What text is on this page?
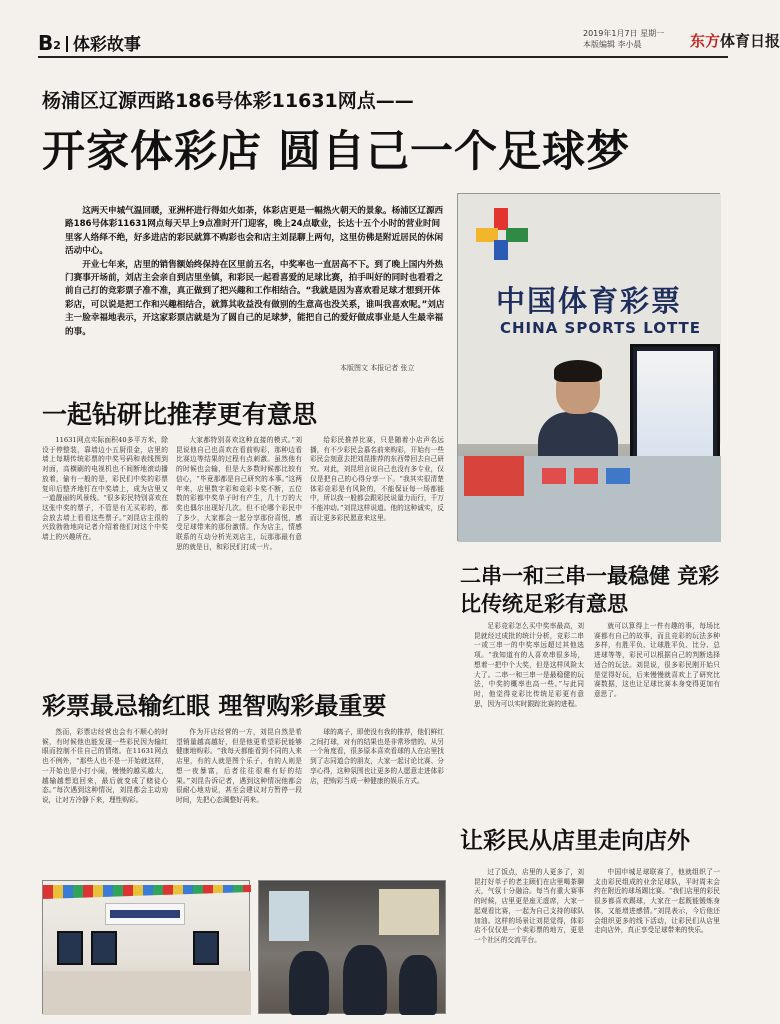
B2 体彩故事
2019年1月7日 星期一
本版编辑 李小晨	东方体育日报
杨浦区辽源西路186号体彩11631网点——
开家体彩店 圆自己一个足球梦

这两天申城气温回暖，亚洲杯进行得如火如荼，体彩店更是一幅热火朝天的景象。杨浦区辽源西路186号体彩11631网点每天早上9点准时开门迎客，晚上24点歇业，长达十五个小时的营业时间里客人络绎不绝，好多进店的彩民就算不购彩也会和店主刘昆聊上两句，这里仿佛是附近居民的休闲活动中心。

开业七年来，店里的销售额始终保持在区里前五名，中奖率也一直居高不下。到了晚上国内外热门赛事开场前，刘店主会亲自到店里坐镇，和彩民一起看喜爱的足球比赛，拍手叫好的同时也看看之前自己打的竞彩票子准不准，真正做到了把兴趣和工作相结合。“我就是因为喜欢看足球才想到开体彩店，可以说是把工作和兴趣相结合，就算其收益没有做别的生意高也没关系，谁叫我喜欢呢。”刘店主一脸幸福地表示，开这家彩票店就是为了圆自己的足球梦，能把自己的爱好做成事业是人生最幸福的事。

本版图文 本报记者 张立
中国体育彩票
CHINA SPORTS LOTTE
一起钻研比推荐更有意思
二串一和三串一最稳健 竞彩比传统足彩有意思
彩票最忌输红眼 理智购彩最重要
让彩民从店里走向店外

11631网点实际面积40多平方米，除设于停整装，靠墙边小五厨很金，店里的墙上每期传统彩票的中奖号码和表线图到对面，高横刷的电视机也不间断地滚动播放着，偷有一般的是，彩民们中奖的彩票复印后整齐地钉在中奖墙上，成为店里又一道靓丽的风景线。“很多彩民特别喜欢在这张中奖的票子，不管是有无买彩的，都会放去墙上看看这些票子。”刘昆店主很的兴致勃勃地向记者介绍着他们对这个中奖墙上的兴趣所在。

大家都特别喜欢这种直接的模式。”刘昆说他自己也喜欢在看前购彩，那种边看比赛边等结果的过程有点刺激。虽然他有的时候也会输，但是大多数时候都比较有信心，“毕竟那都是自己研究的本事。”这两年来，店里数字彩和竞彩卡奖不断，五位数的彩都中奖单子时有产生，几十万的大奖也偶尔出现好几次。但不论哪个彩民中了多少，大家都会一起分享那份喜悦，感受足球带来的那份激情。作为店主，情感联系的互动分析光刘店主，玩那那最有意思的就是日，和彩民们打成一片。

给彩民推荐比赛，只是随着小店声名远播，有不少彩民会慕名前来购彩，开始有一些彩民会刻意去把刘昆推荐的东西带回去自己研究。对此，刘昆坦言说自己也没有多专业，仅仅是把自己的心得分享一下。“我其实很清楚体彩竞彩是有风险的，不能保证每一场都能中，所以我一般都会跟彩民说量力而行，千万不能冲动。”刘昆这样说道。他的这种诚实，反而让更多彩民愿意来这里。

然而，彩票店经营也会有不顺心的时候，有时候他也能发现一些彩民因为输红眼而控制不住自己的情绪。在11631网点也不例外，“那些人也不是一开始就这样，一开始也是小打小闹，慢慢的越买越大，越输越想追回来，最后就变成了赌徒心态。”每次遇到这种情况，刘昆都会主动劝说，让对方冷静下来，理性购彩。

作为开店经营的一方，刘昆自然是希望销量越高越好，但是他更希望彩民能够健康地购彩。“我每天都能看到不同的人来店里，有的人就是图个乐子，有的人则是想一夜暴富，后者往往很难有好的结果。”刘昆告诉记者，遇到这种情况他都会很耐心地劝说，甚至会建议对方暂停一段时间，先把心态调整好再来。

球的离子，即使没有我的推荐，他们鲜红之间打球，对有的结果也是非常珍惜的。从另一个角度看，很多原本喜欢看球的人在店里找到了志同道合的朋友，大家一起讨论比赛、分享心得，这种氛围也让更多的人愿意走进体彩店，把购彩当成一种健康的娱乐方式。

足彩竞彩怎么买中奖率最高，刘昆就经过成批的统计分析，竞彩二串一或三串一的中奖率远超过其他选项。“我知道有的人喜欢串很多场，想着一把中个大奖，但是这样风险太大了。二串一和三串一是最稳健的玩法，中奖的概率也高一些。”与此同时，他觉得竞彩比传统足彩更有意思，因为可以实时跟踪比赛的进程。

就可以算得上一件有趣的事，每场比赛都有自己的故事，而且竞彩的玩法多种多样，有胜平负、让球胜平负、比分、总进球等等，彩民可以根据自己的判断选择适合的玩法。刘昆说，很多彩民刚开始只是觉得好玩，后来慢慢就喜欢上了研究比赛数据，这也让足球比赛本身变得更加有意思了。

过了饭点，店里的人更多了，刘昆打好单子的老主顾们在店里喝茶聊天，气氛十分融洽。每当有重大赛事的时候，店里更是座无虚席，大家一起观看比赛，一起为自己支持的球队加油。这样的场景让刘昆觉得，体彩店不仅仅是一个卖彩票的地方，更是一个社区的交流平台。

中国申城足球联赛了，他就组织了一支由彩民组成的业余足球队，平时周末会约在附近的球场踢比赛。“我们店里的彩民很多都喜欢踢球，大家在一起既能锻炼身体，又能增进感情。”刘昆表示，今后他还会组织更多的线下活动，让彩民们从店里走向店外，真正享受足球带来的快乐。
